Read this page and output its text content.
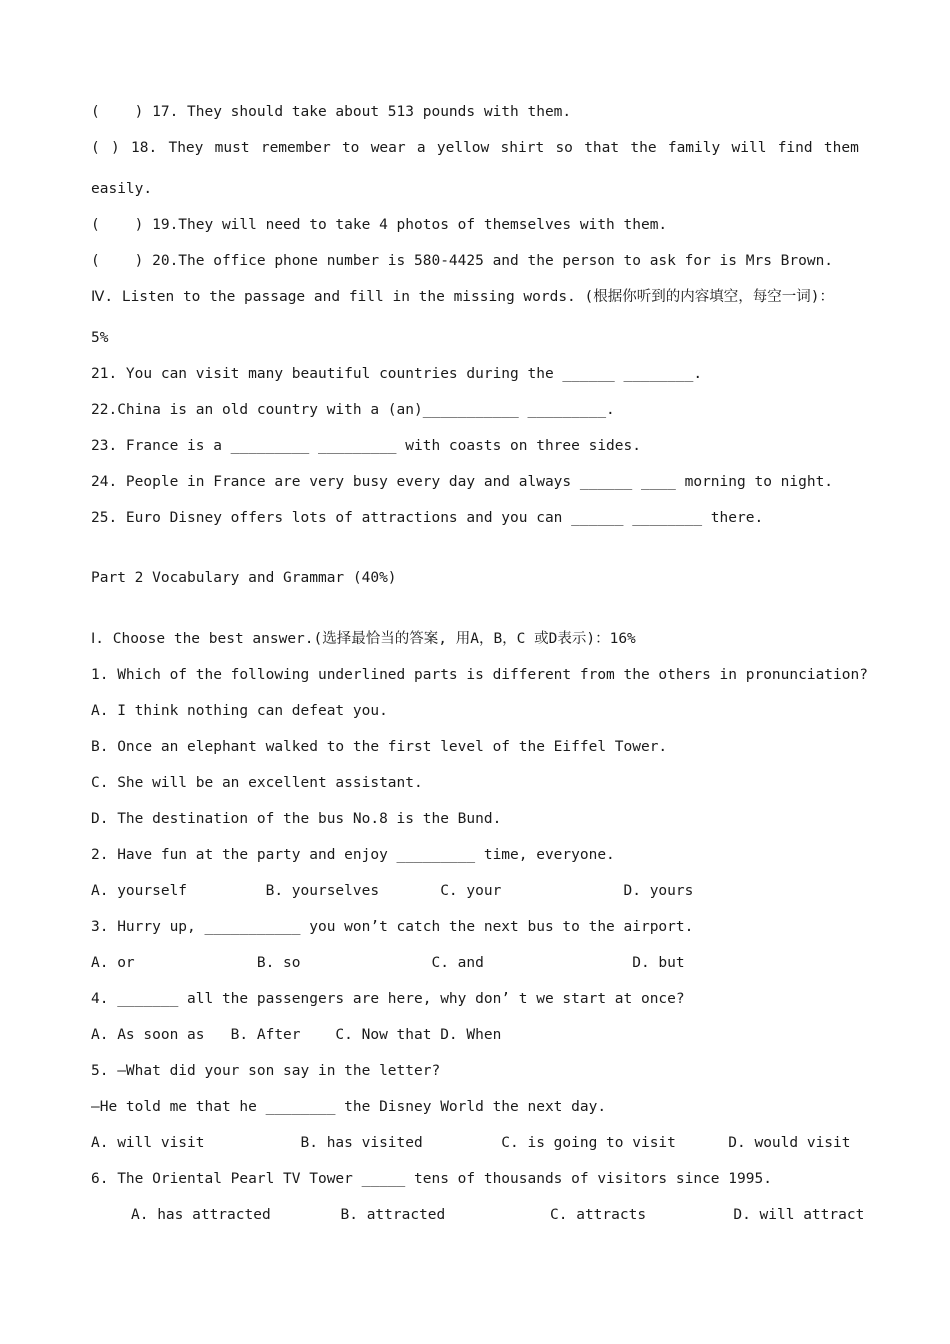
(    ) 17. They should take about 513 pounds with them.
( ) 18. They must remember to wear a yellow shirt so that the family will find them
easily.
(    ) 19.They will need to take 4 photos of themselves with them.
(    ) 20.The office phone number is 580-4425 and the person to ask for is Mrs Brown.
Ⅳ. Listen to the passage and fill in the missing words. (根据你听到的内容填空，每空一词)：
5%
21. You can visit many beautiful countries during the ______ ________.
22.China is an old country with a (an)___________ _________.
23. France is a _________ _________ with coasts on three sides.
24. People in France are very busy every day and always ______ ____ morning to night.
25. Euro Disney offers lots of attractions and you can ______ ________ there.
Part 2 Vocabulary and Grammar (40%)
Ⅰ. Choose the best answer.(选择最恰当的答案, 用A，B，C 或D表示)：16%
1. Which of the following underlined parts is different from the others in pronunciation?
A. I think nothing can defeat you.
B. Once an elephant walked to the first level of the Eiffel Tower.
C. She will be an excellent assistant.
D. The destination of the bus No.8 is the Bund.
2. Have fun at the party and enjoy _________ time, everyone.
A. yourself         B. yourselves       C. your              D. yours
3. Hurry up, ___________ you won’t catch the next bus to the airport.
A. or              B. so               C. and                 D. but
4. _______ all the passengers are here, why don’ t we start at once?
A. As soon as   B. After    C. Now that D. When
5. —What did your son say in the letter?
—He told me that he ________ the Disney World the next day.
A. will visit           B. has visited         C. is going to visit      D. would visit
6. The Oriental Pearl TV Tower _____ tens of thousands of visitors since 1995.
A. has attracted        B. attracted            C. attracts          D. will attract
